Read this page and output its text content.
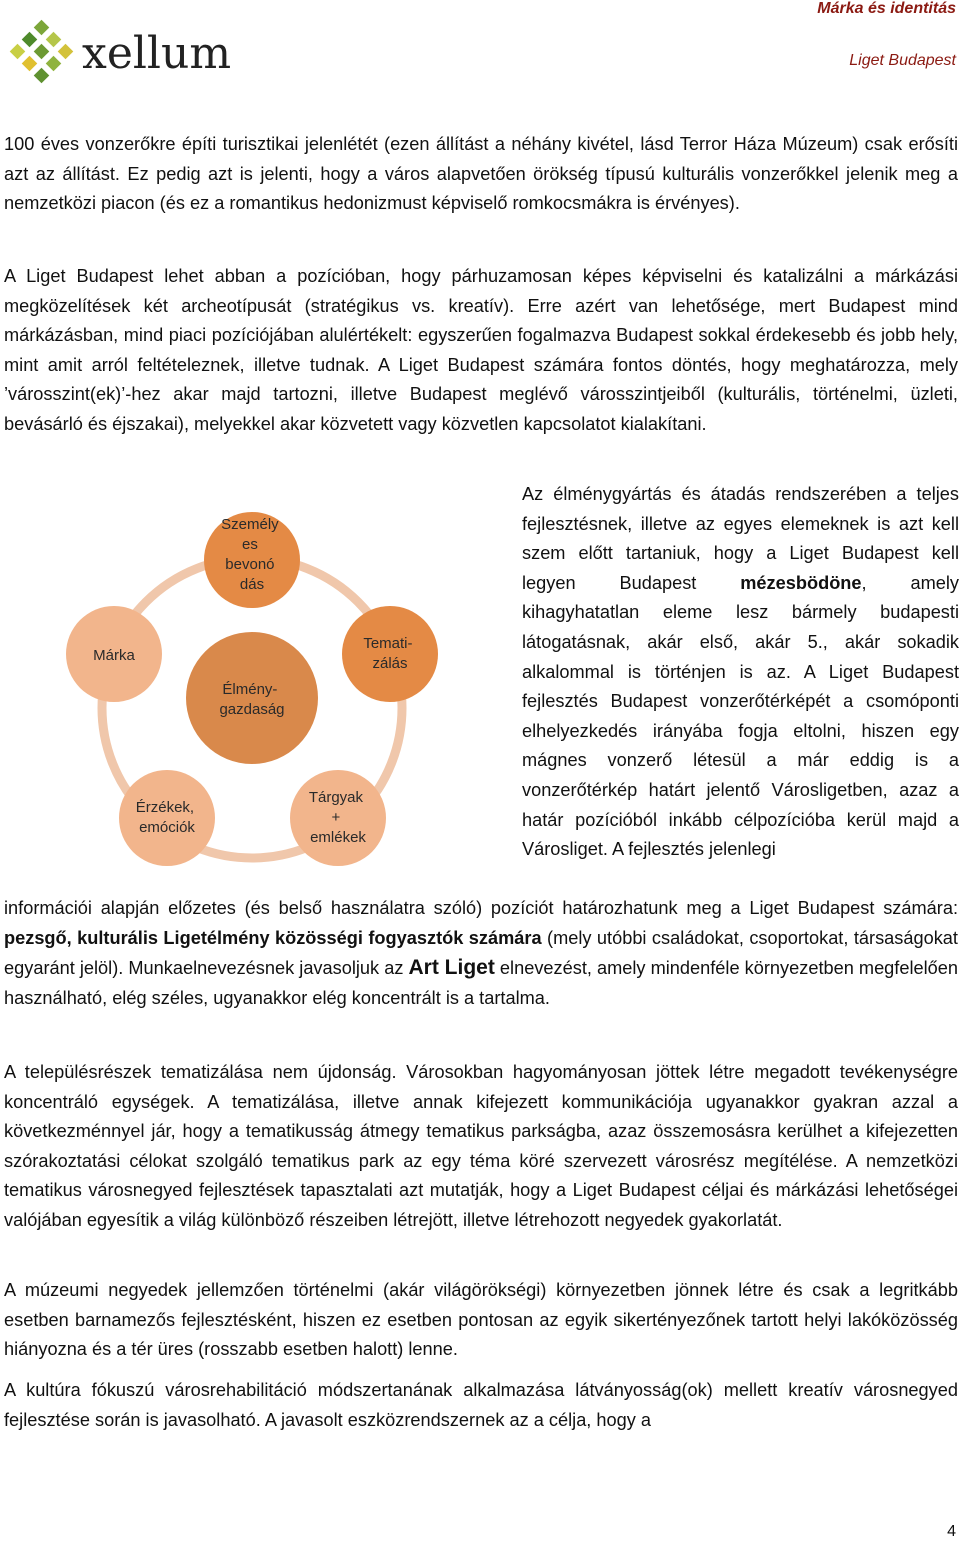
xellum
Márka és identitás
Liget Budapest

100 éves vonzerőkre építi turisztikai jelenlétét (ezen állítást a néhány kivétel, lásd Terror Háza Múzeum) csak erősíti azt az állítást. Ez pedig azt is jelenti, hogy a város alapvetően örökség típusú kulturális vonzerőkkel jelenik meg a nemzetközi piacon (és ez a romantikus hedonizmust képviselő romkocsmákra is érvényes).

A Liget Budapest lehet abban a pozícióban, hogy párhuzamosan képes képviselni és katalizálni a márkázási megközelítések két archeotípusát (stratégikus vs. kreatív). Erre azért van lehetősége, mert Budapest mind márkázásban, mind piaci pozíciójában alulértékelt: egyszerűen fogalmazva Budapest sokkal érdekesebb és jobb hely, mint amit arról feltételeznek, illetve tudnak. A Liget Budapest számára fontos döntés, hogy meghatározza, mely ’városszint(ek)’-hez akar majd tartozni, illetve Budapest meglévő városszintjeiből (kulturális, történelmi, üzleti, bevásárló és éjszakai), melyekkel akar közvetett vagy közvetlen kapcsolatot kialakítani.

Élmény- gazdaság
Személy es bevonó dás
Temati- zálás
Tárgyak + emlékek
Érzékek, emóciók
Márka

Az élménygyártás és átadás rendszerében a teljes fejlesztésnek, illetve az egyes elemeknek is azt kell szem előtt tartaniuk, hogy a Liget Budapest kell legyen Budapest mézesbödöne, amely kihagyhatatlan eleme lesz bármely budapesti látogatásnak, akár első, akár 5., akár sokadik alkalommal is történjen is az. A Liget Budapest fejlesztés Budapest vonzerőtérképét a csomóponti elhelyezkedés irányába fogja eltolni, hiszen egy mágnes vonzerő létesül a már eddig is a vonzerőtérkép határt jelentő Városligetben, azaz a határ pozícióból inkább célpozícióba kerül majd a Városliget. A fejlesztés jelenlegi

információi alapján előzetes (és belső használatra szóló) pozíciót határozhatunk meg a Liget Budapest számára: pezsgő, kulturális Ligetélmény közösségi fogyasztók számára (mely utóbbi családokat, csoportokat, társaságokat egyaránt jelöl). Munkaelnevezésnek javasoljuk az Art Liget elnevezést, amely mindenféle környezetben megfelelően használható, elég széles, ugyanakkor elég koncentrált is a tartalma.

A településrészek tematizálása nem újdonság. Városokban hagyományosan jöttek létre megadott tevékenységre koncentráló egységek. A tematizálása, illetve annak kifejezett kommunikációja ugyanakkor gyakran azzal a következménnyel jár, hogy a tematikusság átmegy tematikus parkságba, azaz összemosásra kerülhet a kifejezetten szórakoztatási célokat szolgáló tematikus park az egy téma köré szervezett városrész megítélése. A nemzetközi tematikus városnegyed fejlesztések tapasztalati azt mutatják, hogy a Liget Budapest céljai és márkázási lehetőségei valójában egyesítik a világ különböző részeiben létrejött, illetve létrehozott negyedek gyakorlatát.

A múzeumi negyedek jellemzően történelmi (akár világörökségi) környezetben jönnek létre és csak a legritkább esetben barnamezős fejlesztésként, hiszen ez esetben pontosan az egyik sikertényezőnek tartott helyi lakóközösség hiányozna és a tér üres (rosszabb esetben halott) lenne.

A kultúra fókuszú városrehabilitáció módszertanának alkalmazása látványosság(ok) mellett kreatív városnegyed fejlesztése során is javasolható. A javasolt eszközrendszernek az a célja, hogy a

4
